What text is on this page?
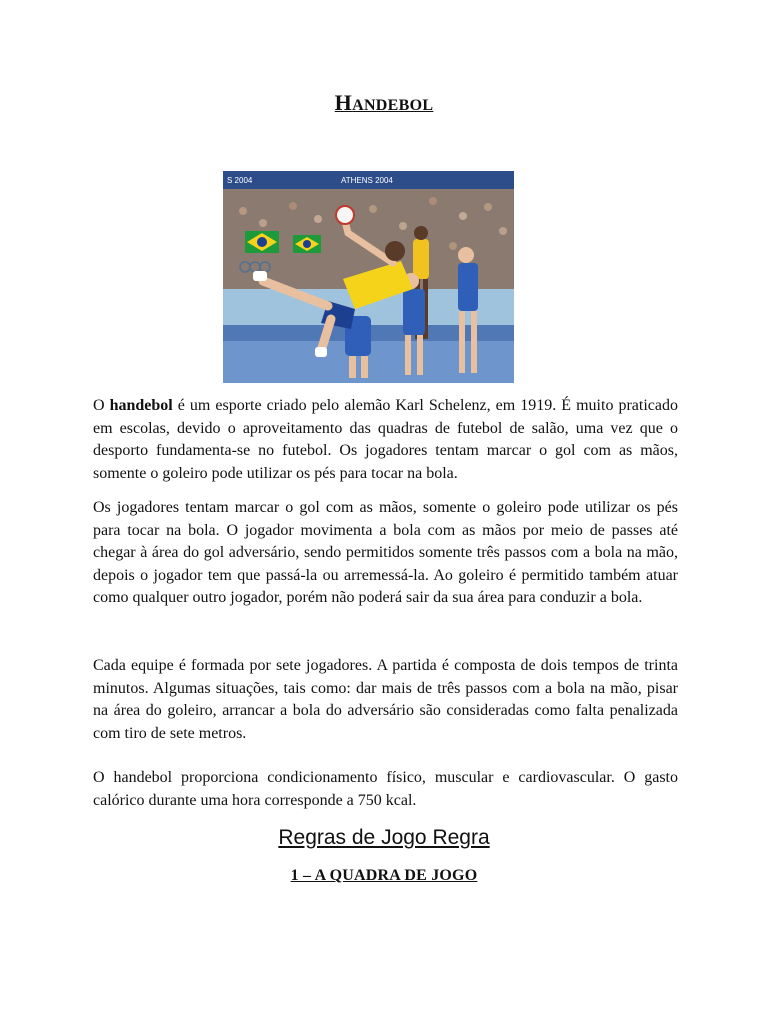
HANDEBOL
S 2004	ATHENS 2004

O handebol é um esporte criado pelo alemão Karl Schelenz, em 1919. É muito praticado em escolas, devido o aproveitamento das quadras de futebol de salão, uma vez que o desporto fundamenta-se no futebol. Os jogadores tentam marcar o gol com as mãos, somente o goleiro pode utilizar os pés para tocar na bola.

Os jogadores tentam marcar o gol com as mãos, somente o goleiro pode utilizar os pés para tocar na bola. O jogador movimenta a bola com as mãos por meio de passes até chegar à área do gol adversário, sendo permitidos somente três passos com a bola na mão, depois o jogador tem que passá-la ou arremessá-la. Ao goleiro é permitido também atuar como qualquer outro jogador, porém não poderá sair da sua área para conduzir a bola.

Cada equipe é formada por sete jogadores. A partida é composta de dois tempos de trinta minutos. Algumas situações, tais como: dar mais de três passos com a bola na mão, pisar na área do goleiro, arrancar a bola do adversário são consideradas como falta penalizada com tiro de sete metros.

O handebol proporciona condicionamento físico, muscular e cardiovascular. O gasto calórico durante uma hora corresponde a 750 kcal.

Regras de Jogo Regra
1 – A QUADRA DE JOGO
